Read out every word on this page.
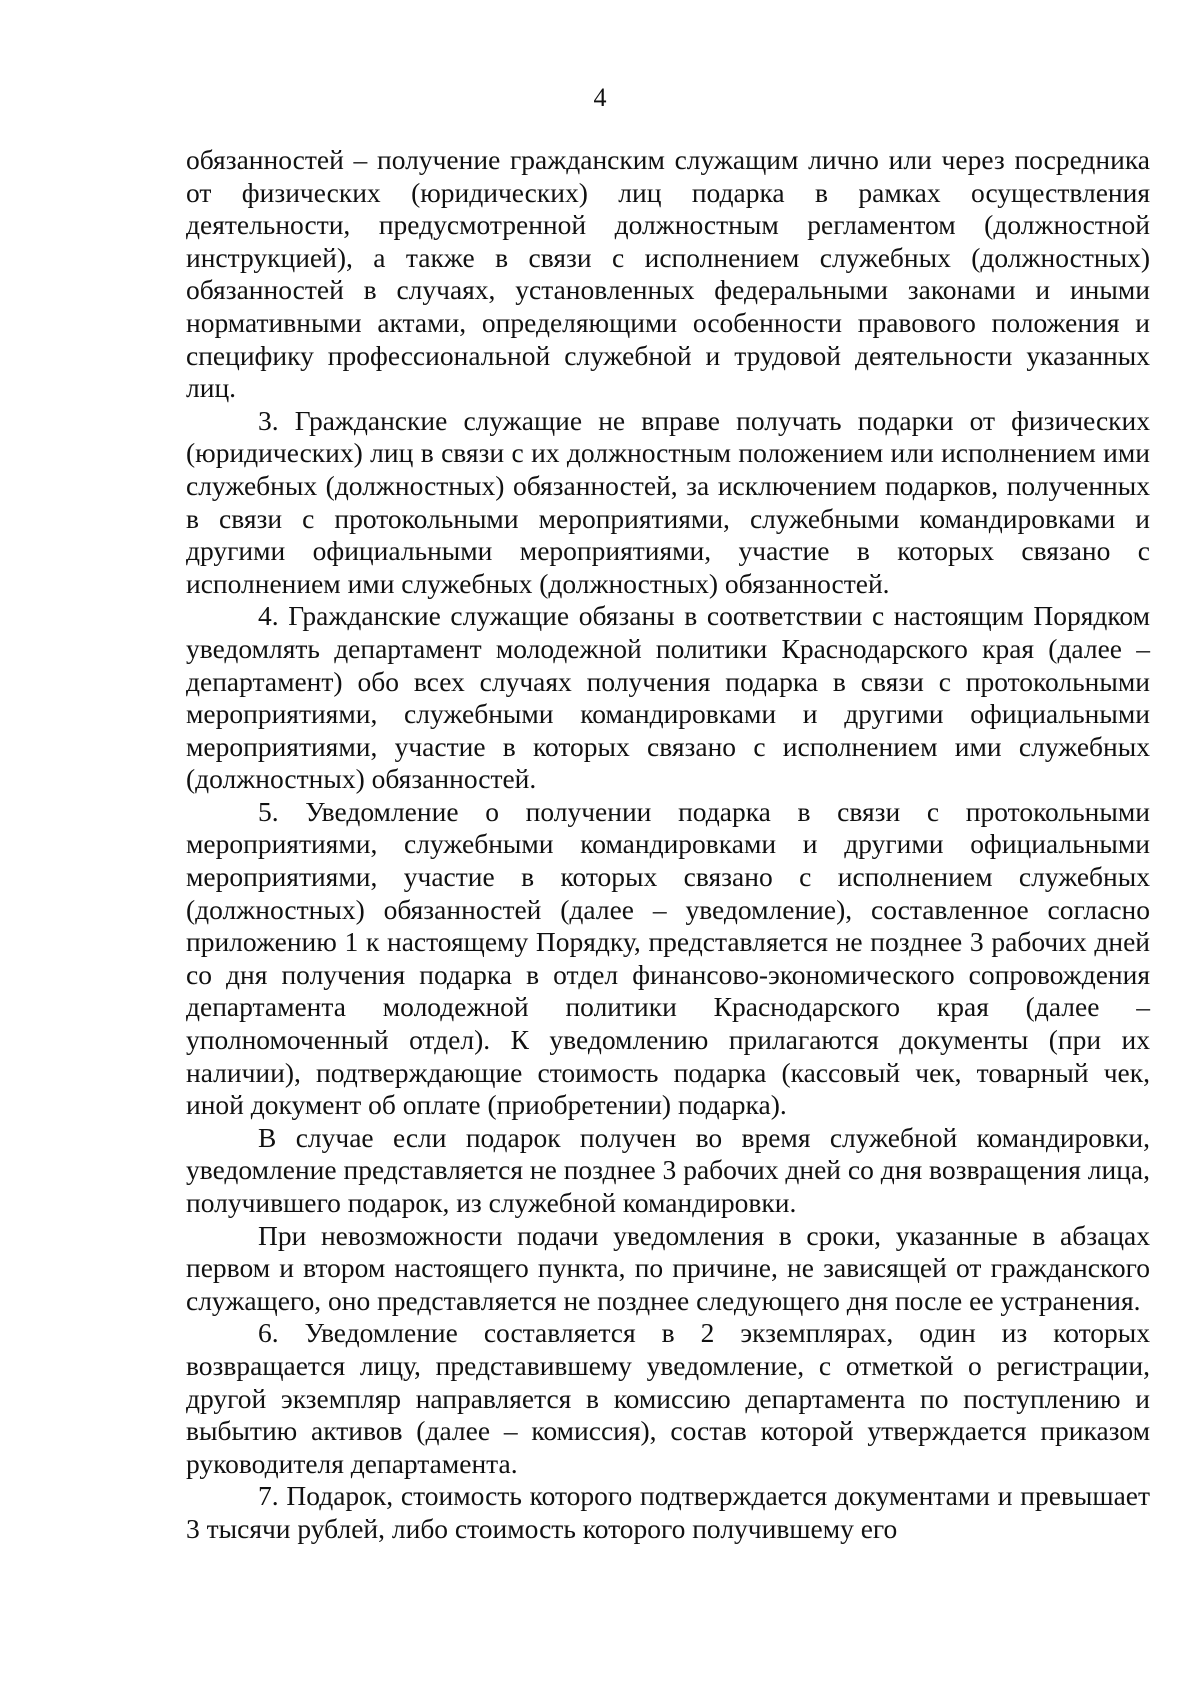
4

обязанностей – получение гражданским служащим лично или через посредника от физических (юридических) лиц подарка в рамках осуществления деятельности, предусмотренной должностным регламентом (должностной инструкцией), а также в связи с исполнением служебных (должностных) обязанностей в случаях, установленных федеральными законами и иными нормативными актами, определяющими особенности правового положения и специфику профессиональной служебной и трудовой деятельности указанных лиц.

3. Гражданские служащие не вправе получать подарки от физических (юридических) лиц в связи с их должностным положением или исполнением ими служебных (должностных) обязанностей, за исключением подарков, полученных в связи с протокольными мероприятиями, служебными командировками и другими официальными мероприятиями, участие в которых связано с исполнением ими служебных (должностных) обязанностей.

4. Гражданские служащие обязаны в соответствии с настоящим Порядком уведомлять департамент молодежной политики Краснодарского края (далее – департамент) обо всех случаях получения подарка в связи с протокольными мероприятиями, служебными командировками и другими официальными мероприятиями, участие в которых связано с исполнением ими служебных (должностных) обязанностей.

5. Уведомление о получении подарка в связи с протокольными мероприятиями, служебными командировками и другими официальными мероприятиями, участие в которых связано с исполнением служебных (должностных) обязанностей (далее – уведомление), составленное согласно приложению 1 к настоящему Порядку, представляется не позднее 3 рабочих дней со дня получения подарка в отдел финансово-экономического сопровождения департамента молодежной политики Краснодарского края (далее – уполномоченный отдел). К уведомлению прилагаются документы (при их наличии), подтверждающие стоимость подарка (кассовый чек, товарный чек, иной документ об оплате (приобретении) подарка).

В случае если подарок получен во время служебной командировки, уведомление представляется не позднее 3 рабочих дней со дня возвращения лица, получившего подарок, из служебной командировки.

При невозможности подачи уведомления в сроки, указанные в абзацах первом и втором настоящего пункта, по причине, не зависящей от гражданского служащего, оно представляется не позднее следующего дня после ее устранения.

6. Уведомление составляется в 2 экземплярах, один из которых возвращается лицу, представившему уведомление, с отметкой о регистрации, другой экземпляр направляется в комиссию департамента по поступлению и выбытию активов (далее – комиссия), состав которой утверждается приказом руководителя департамента.

7. Подарок, стоимость которого подтверждается документами и превышает 3 тысячи рублей, либо стоимость которого получившему его
